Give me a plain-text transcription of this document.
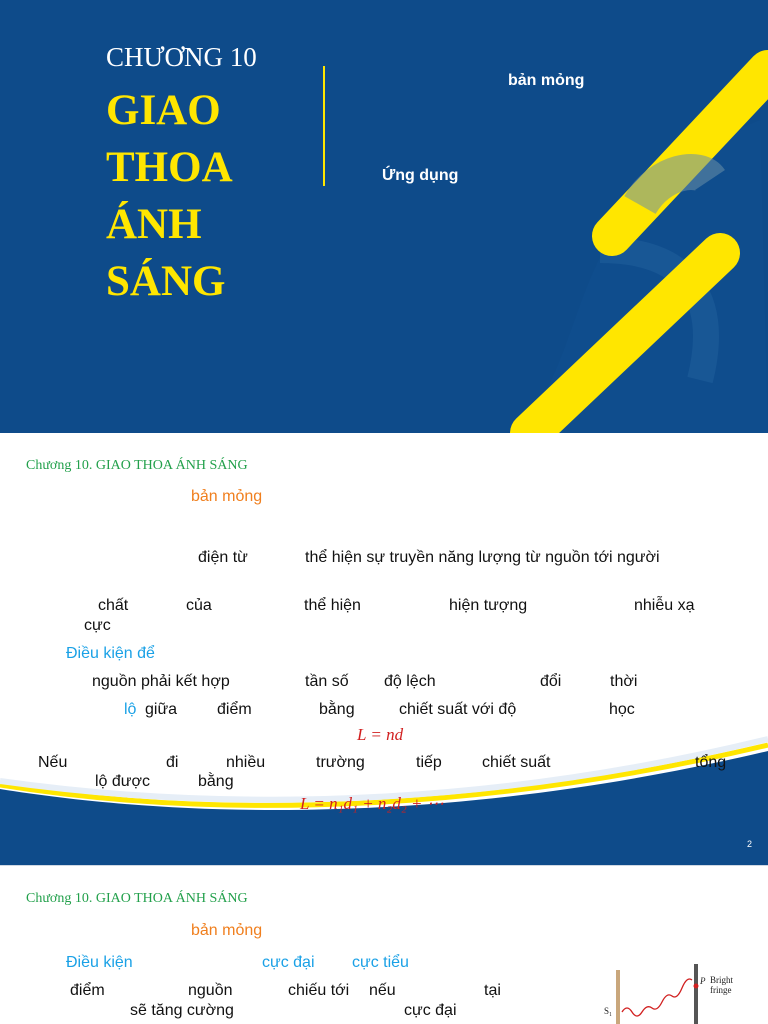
CHƯƠNG 10
GIAO
THOA
ÁNH
SÁNG
bản mỏng
Ứng dụng
Chương 10. GIAO THOA ÁNH SÁNG
bản mỏng
điện từ	thể hiện sự truyền năng lượng từ nguồn tới người
chất	của	thể hiện	hiện tượng	nhiễu xạ
cực
Điều kiện để
nguồn phải kết hợp	tần số độ lệch	đổi	thời
lộ giữa điểm	bằng	chiết suất với độ	học
L = nd
Nếu	đi	nhiều	trường	tiếp	chiết suất	tổng
lộ được	bằng
L = n₁d₁ + n₂d₂ + ⋯
2
Chương 10. GIAO THOA ÁNH SÁNG
bản mỏng
Điều kiện	cực đại cực tiểu
điểm	nguồn	chiếu tới nếu	tại
sẽ tăng cường	cực đại
P Bright
fringe
S₁
